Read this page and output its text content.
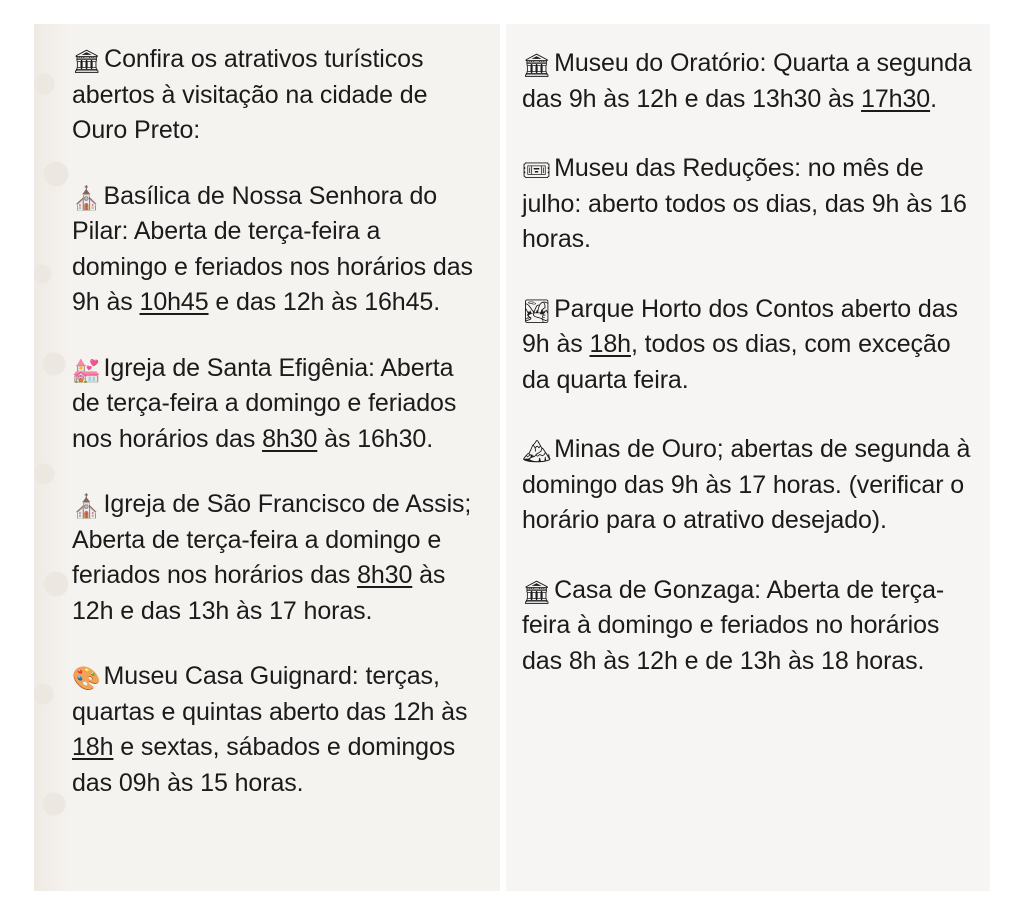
🏛 Confira os atrativos turísticos abertos à visitação na cidade de Ouro Preto:

⛪ Basílica de Nossa Senhora do Pilar: Aberta de terça-feira a domingo e feriados nos horários das 9h às 10h45 e das 12h às 16h45.

💒 Igreja de Santa Efigênia: Aberta de terça-feira a domingo e feriados nos horários das 8h30 às 16h30.

⛪ Igreja de São Francisco de Assis; Aberta de terça-feira a domingo e feriados nos horários das 8h30 às 12h e das 13h às 17 horas.

🎨 Museu Casa Guignard: terças, quartas e quintas aberto das 12h às 18h e sextas, sábados e domingos das 09h às 15 horas.

🏛 Museu do Oratório: Quarta a segunda das 9h às 12h e das 13h30 às 17h30.

🎟 Museu das Reduções: no mês de julho: aberto todos os dias, das 9h às 16 horas.

🏞 Parque Horto dos Contos aberto das 9h às 18h, todos os dias, com exceção da quarta feira.

🏔 Minas de Ouro; abertas de segunda à domingo das 9h às 17 horas. (verificar o horário para o atrativo desejado).

🏛 Casa de Gonzaga: Aberta de terça-feira à domingo e feriados no horários das 8h às 12h e de 13h às 18 horas.
